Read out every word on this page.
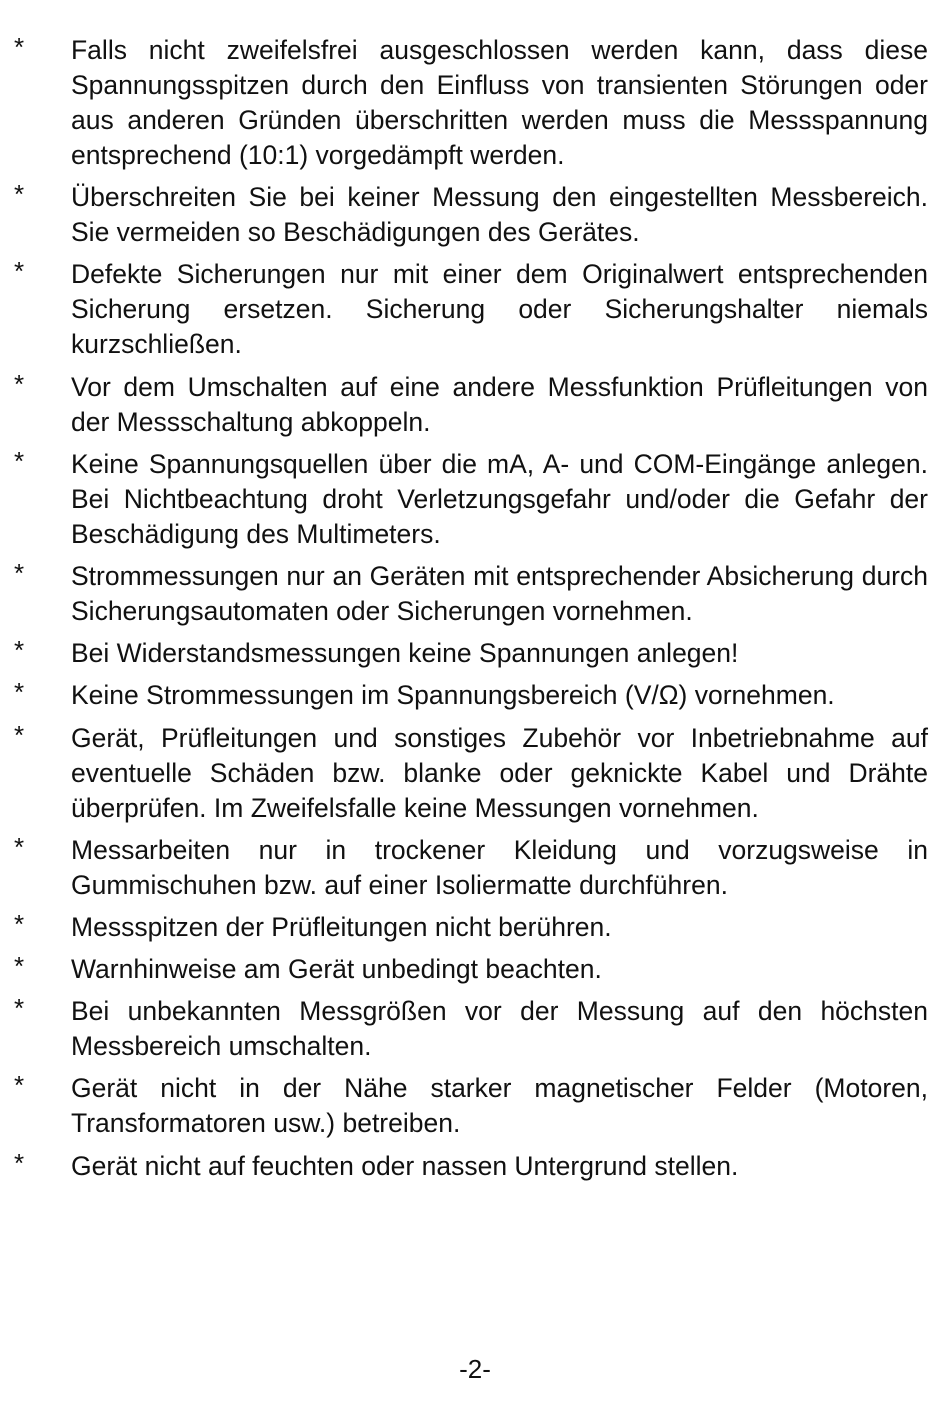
*	Falls nicht zweifelsfrei ausgeschlossen werden kann, dass diese Spannungsspitzen durch den Einfluss von transienten Störungen oder aus anderen Gründen überschritten werden muss die Messspannung entsprechend (10:1) vorgedämpft werden.
*	Überschreiten Sie bei keiner Messung den eingestellten Messbereich. Sie vermeiden so Beschädigungen des Gerätes.
*	Defekte Sicherungen nur mit einer dem Originalwert entsprechenden Sicherung ersetzen. Sicherung oder Sicherungshalter niemals kurzschließen.
*	Vor dem Umschalten auf eine andere Messfunktion Prüfleitungen von der Messschaltung abkoppeln.
*	Keine Spannungsquellen über die mA, A- und COM-Eingänge anlegen. Bei Nichtbeachtung droht Verletzungsgefahr und/oder die Gefahr der Beschädigung des Multimeters.
*	Strommessungen nur an Geräten mit entsprechender Absicherung durch Sicherungsautomaten oder Sicherungen vornehmen.
*	Bei Widerstandsmessungen keine Spannungen anlegen!
*	Keine Strommessungen im Spannungsbereich (V/Ω) vornehmen.
*	Gerät, Prüfleitungen und sonstiges Zubehör vor Inbetriebnahme auf eventuelle Schäden bzw. blanke oder geknickte Kabel und Drähte überprüfen. Im Zweifelsfalle keine Messungen vornehmen.
*	Messarbeiten nur in trockener Kleidung und vorzugsweise in Gummischuhen bzw. auf einer Isoliermatte durchführen.
*	Messspitzen der Prüfleitungen nicht berühren.
*	Warnhinweise am Gerät unbedingt beachten.
*	Bei unbekannten Messgrößen vor der Messung auf den höchsten Messbereich umschalten.
*	Gerät nicht in der Nähe starker magnetischer Felder (Motoren, Transformatoren usw.) betreiben.
*	Gerät nicht auf feuchten oder nassen Untergrund stellen.
-2-
